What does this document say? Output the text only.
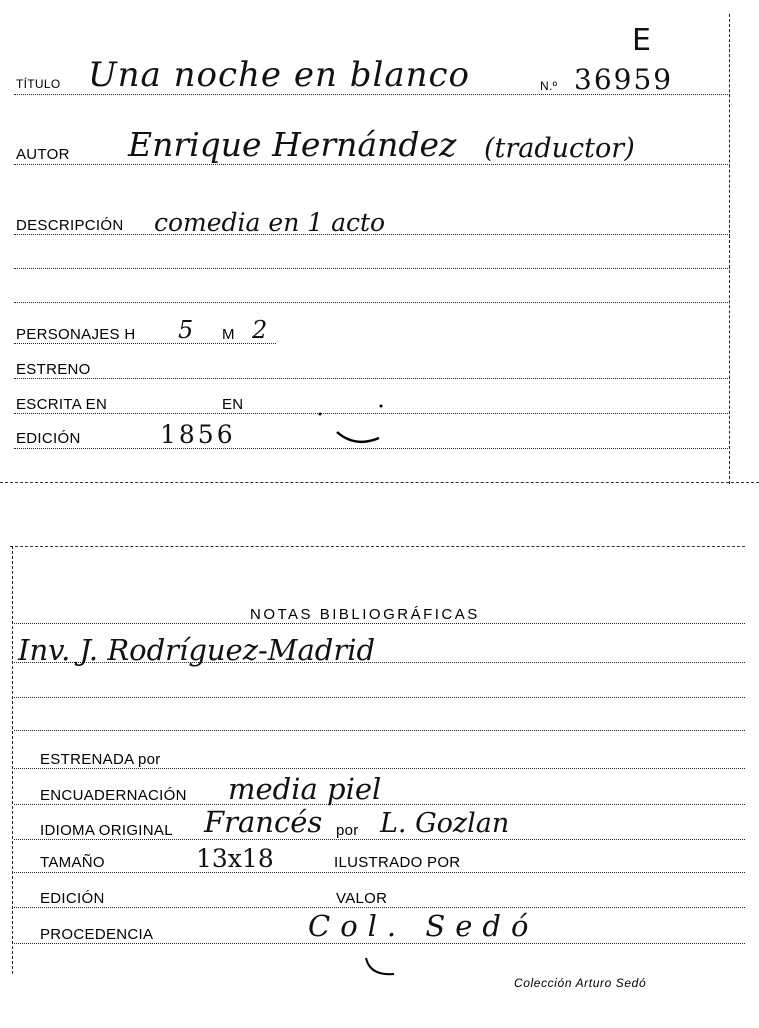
E
TÍTULO Una noche en blanco	N.º 36959
AUTOR Enrique Hernández (traductor)
DESCRIPCIÓN comedia en 1 acto
PERSONAJES H 5 M 2
ESTRENO
ESCRITA EN	EN
EDICIÓN	1856
NOTAS BIBLIOGRÁFICAS
Inv. J. Rodríguez-Madrid
ESTRENADA por
ENCUADERNACIÓN media piel
IDIOMA ORIGINAL Francés por L. Gozlan
TAMAÑO	13x18	ILUSTRADO POR
EDICIÓN	VALOR
PROCEDENCIA	Col. Sedó
Colección Arturo Sedó
